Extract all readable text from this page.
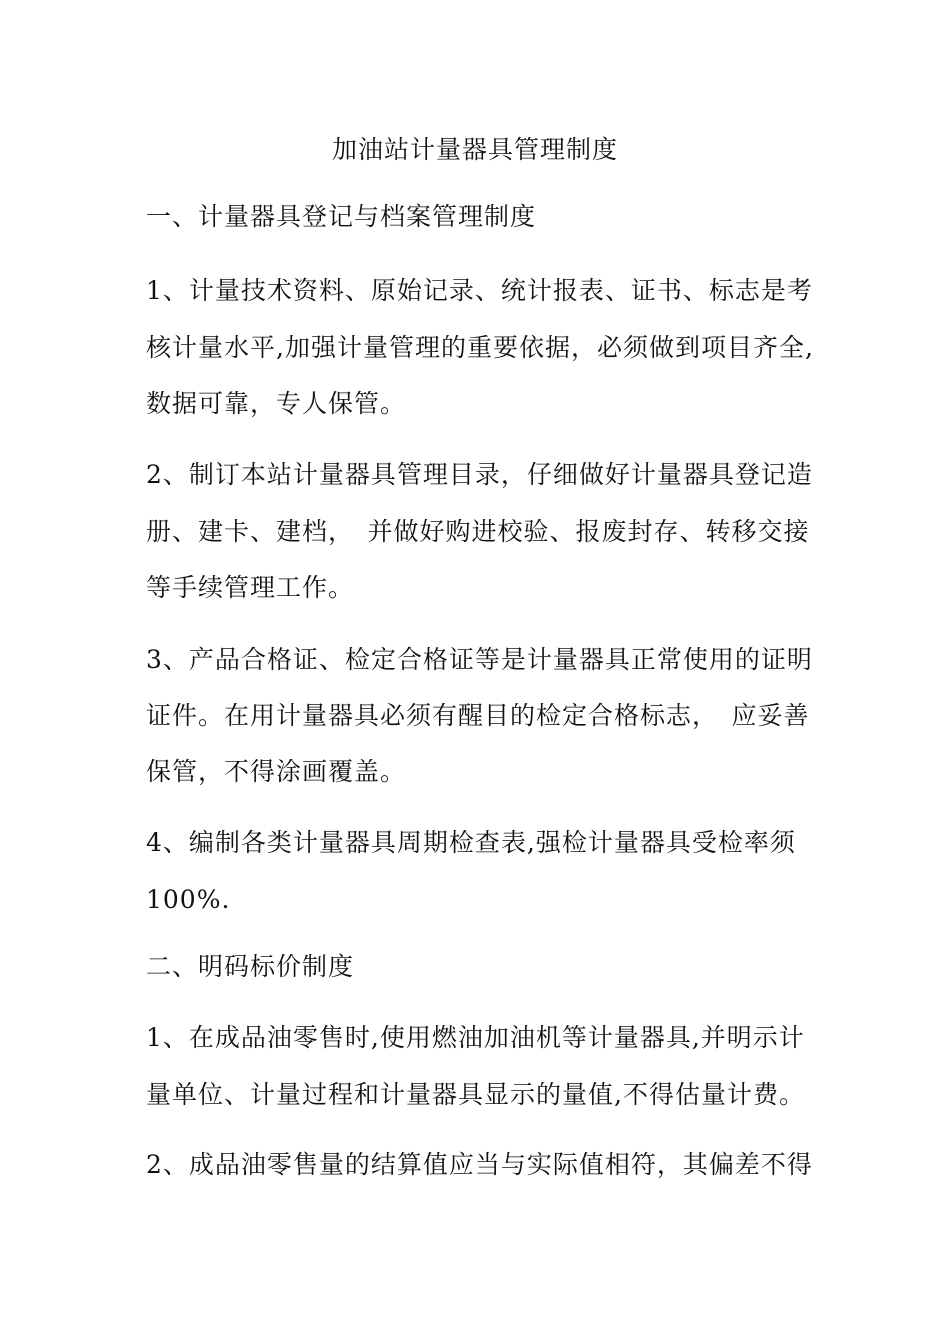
加油站计量器具管理制度
一、计量器具登记与档案管理制度
1、计量技术资料、原始记录、统计报表、证书、标志是考
核计量水平,加强计量管理的重要依据，必须做到项目齐全,
数据可靠，专人保管。
2、制订本站计量器具管理目录，仔细做好计量器具登记造
册、建卡、建档，　并做好购进校验、报废封存、转移交接
等手续管理工作。
3、产品合格证、检定合格证等是计量器具正常使用的证明
证件。在用计量器具必须有醒目的检定合格标志，　应妥善
保管，不得涂画覆盖。
4、编制各类计量器具周期检查表,强检计量器具受检率须
100%.
二、明码标价制度
1、在成品油零售时,使用燃油加油机等计量器具,并明示计
量单位、计量过程和计量器具显示的量值,不得估量计费。
2、成品油零售量的结算值应当与实际值相符，其偏差不得
